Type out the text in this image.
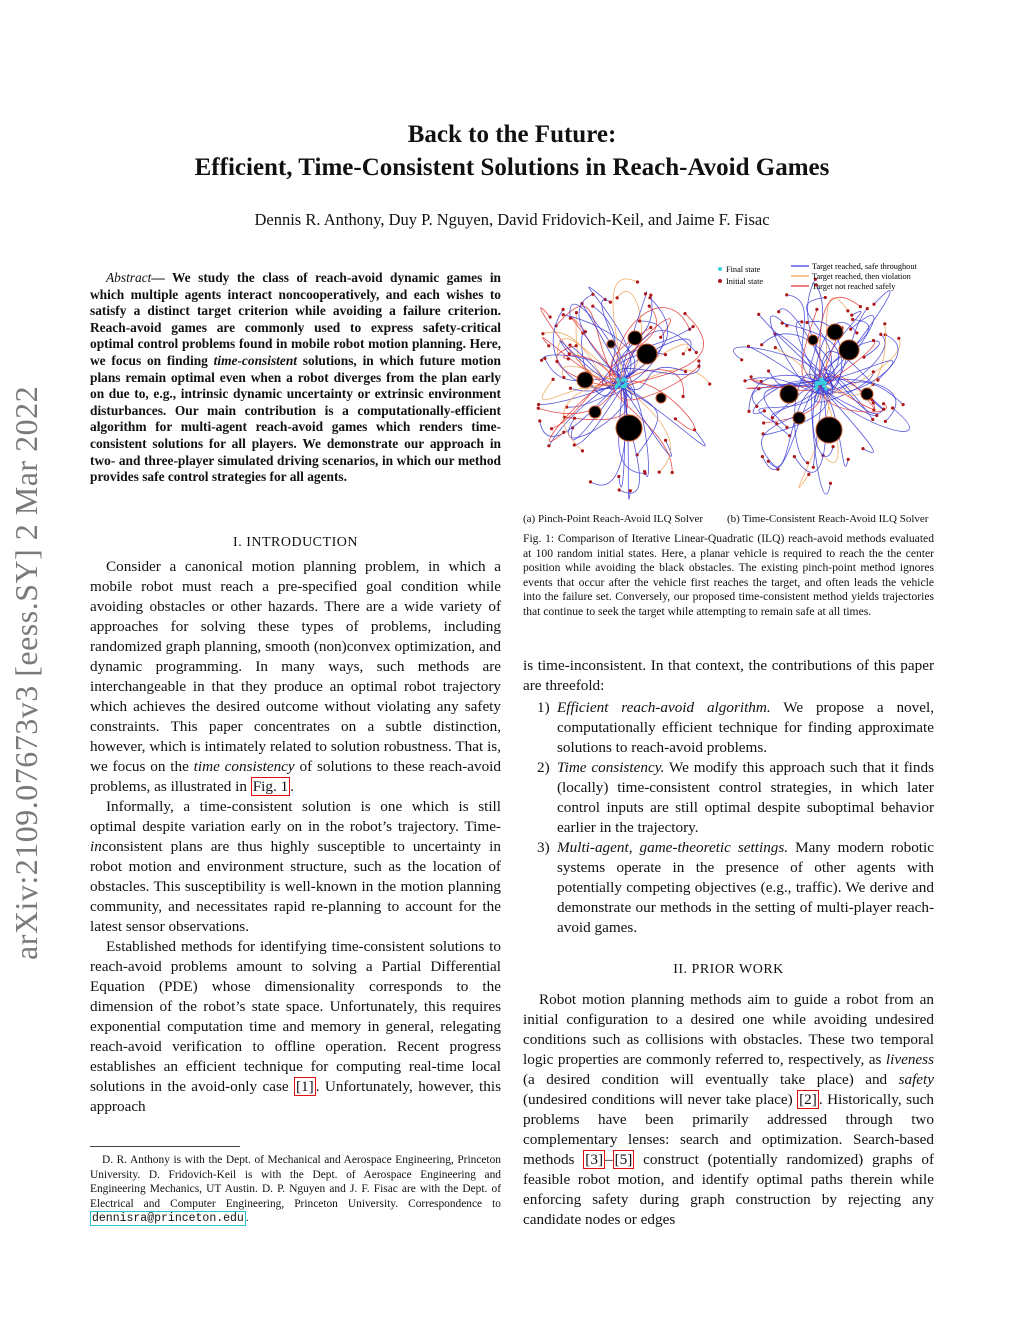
arXiv:2109.07673v3 [eess.SY] 2 Mar 2022
Back to the Future:
Efficient, Time-Consistent Solutions in Reach-Avoid Games
Dennis R. Anthony, Duy P. Nguyen, David Fridovich-Keil, and Jaime F. Fisac

Abstract— We study the class of reach-avoid dynamic games in which multiple agents interact noncooperatively, and each wishes to satisfy a distinct target criterion while avoiding a failure criterion. Reach-avoid games are commonly used to express safety-critical optimal control problems found in mobile robot motion planning. Here, we focus on finding time-consistent solutions, in which future motion plans remain optimal even when a robot diverges from the plan early on due to, e.g., intrinsic dynamic uncertainty or extrinsic environment disturbances. Our main contribution is a computationally-efficient algorithm for multi-agent reach-avoid games which renders time-consistent solutions for all players. We demonstrate our approach in two- and three-player simulated driving scenarios, in which our method provides safe control strategies for all agents.

I. INTRODUCTION

Consider a canonical motion planning problem, in which a mobile robot must reach a pre-specified goal condition while avoiding obstacles or other hazards. There are a wide variety of approaches for solving these types of problems, including randomized graph planning, smooth (non)convex optimization, and dynamic programming. In many ways, such methods are interchangeable in that they produce an optimal robot trajectory which achieves the desired outcome without violating any safety constraints. This paper concentrates on a subtle distinction, however, which is intimately related to solution robustness. That is, we focus on the time consistency of solutions to these reach-avoid problems, as illustrated in Fig. 1 .

Informally, a time-consistent solution is one which is still optimal despite variation early on in the robot’s trajectory. Time-inconsistent plans are thus highly susceptible to uncertainty in robot motion and environment structure, such as the location of obstacles. This susceptibility is well-known in the motion planning community, and necessitates rapid re-planning to account for the latest sensor observations.

Established methods for identifying time-consistent solutions to reach-avoid problems amount to solving a Partial Differential Equation (PDE) whose dimensionality corresponds to the dimension of the robot’s state space. Unfortunately, this requires exponential computation time and memory in general, relegating reach-avoid verification to offline operation. Recent progress establishes an efficient technique for computing real-time local solutions in the avoid-only case [1] . Unfortunately, however, this approach

D. R. Anthony is with the Dept. of Mechanical and Aerospace Engineering, Princeton University. D. Fridovich-Keil is with the Dept. of Aerospace Engineering and Engineering Mechanics, UT Austin. D. P. Nguyen and J. F. Fisac are with the Dept. of Electrical and Computer Engineering, Princeton University. Correspondence to dennisra@princeton.edu .

Final state
Initial state
Target reached, safe throughout
Target reached, then violation
Target not reached safely
(a) Pinch-Point Reach-Avoid ILQ Solver (b) Time-Consistent Reach-Avoid ILQ Solver
Fig. 1: Comparison of Iterative Linear-Quadratic (ILQ) reach-avoid methods evaluated at 100 random initial states. Here, a planar vehicle is required to reach the the center position while avoiding the black obstacles. The existing pinch-point method ignores events that occur after the vehicle first reaches the target, and often leads the vehicle into the failure set. Conversely, our proposed time-consistent method yields trajectories that continue to seek the target while attempting to remain safe at all times.
is time-inconsistent. In that context, the contributions of this paper are threefold:
1) Efficient reach-avoid algorithm. We propose a novel, computationally efficient technique for finding approximate solutions to reach-avoid problems.
2) Time consistency. We modify this approach such that it finds (locally) time-consistent control strategies, in which later control inputs are still optimal despite suboptimal behavior earlier in the trajectory.
3) Multi-agent, game-theoretic settings. Many modern robotic systems operate in the presence of other agents with potentially competing objectives (e.g., traffic). We derive and demonstrate our methods in the setting of multi-player reach-avoid games.
II. PRIOR WORK

Robot motion planning methods aim to guide a robot from an initial configuration to a desired one while avoiding undesired conditions such as collisions with obstacles. These two temporal logic properties are commonly referred to, respectively, as liveness (a desired condition will eventually take place) and safety (undesired conditions will never take place) [2] . Historically, such problems have been primarily addressed through two complementary lenses: search and optimization. Search-based methods [3] – [5] construct (potentially randomized) graphs of feasible robot motion, and identify optimal paths therein while enforcing safety during graph construction by rejecting any candidate nodes or edges
